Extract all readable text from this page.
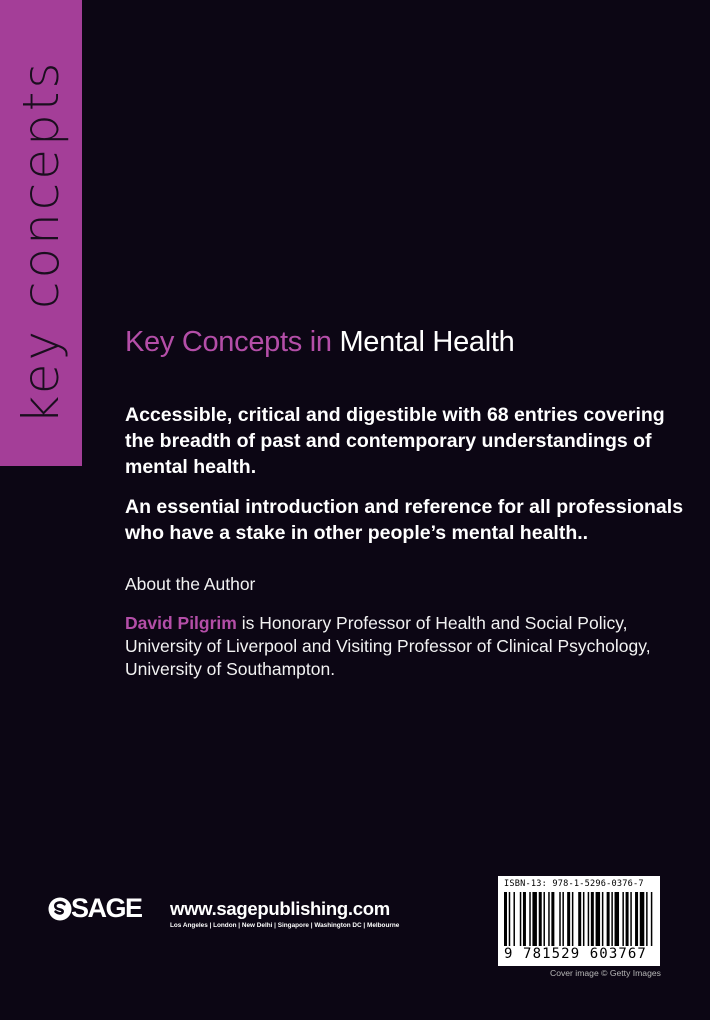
key concepts Key Concepts in Mental Health

Accessible, critical and digestible with 68 entries covering the breadth of past and contemporary understandings of mental health.

An essential introduction and reference for all professionals who have a stake in other people’s mental health..

About the Author

David Pilgrim is Honorary Professor of Health and Social Policy, University of Liverpool and Visiting Professor of Clinical Psychology, University of Southampton.

SAGE www.sagepublishing.com
Los Angeles | London | New Delhi | Singapore | Washington DC | Melbourne
ISBN-13: 978-1-5296-0376-7
9 781529 603767
Cover image © Getty Images
